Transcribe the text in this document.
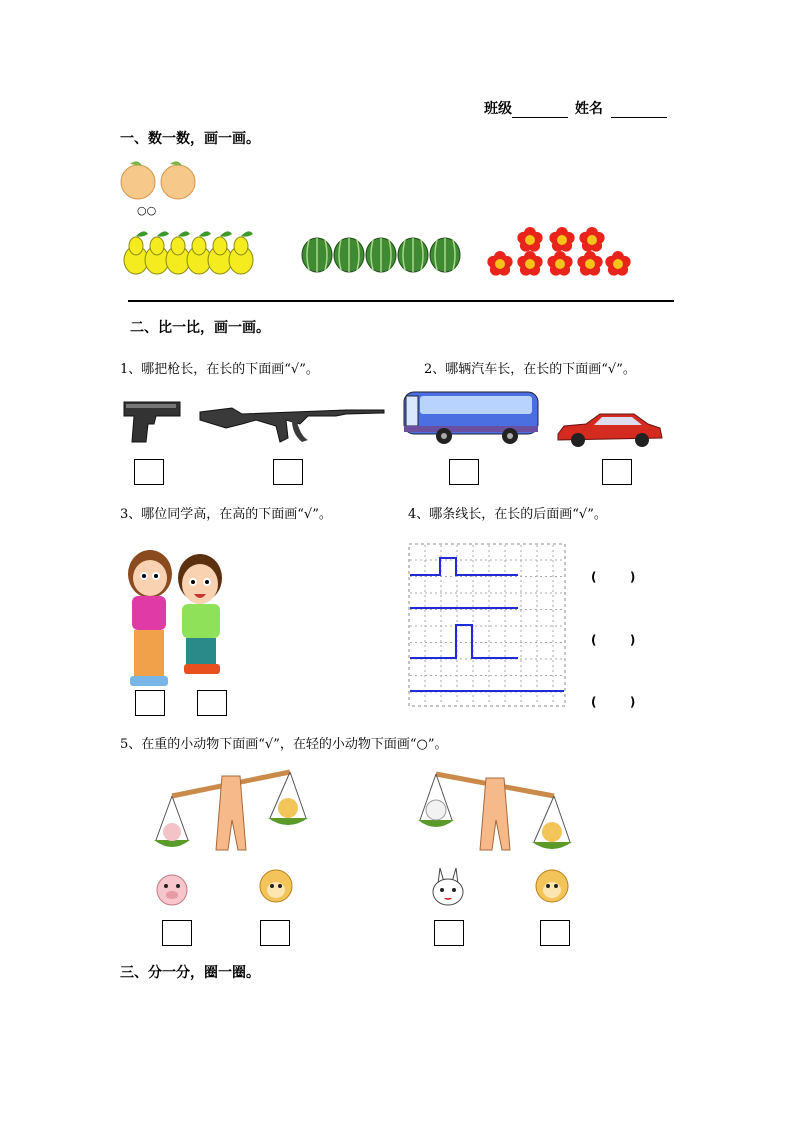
班级	姓名
一、数一数，画一画。
○○
二、比一比，画一画。
1、哪把枪长，在长的下面画“√”。	2、哪辆汽车长，在长的下面画“√”。
3、哪位同学高，在高的下面画“√”。	4、哪条线长，在长的后面画“√”。
(        )
(        )
(        )
5、在重的小动物下面画“√”，在轻的小动物下面画“○”。
三、分一分，圈一圈。
